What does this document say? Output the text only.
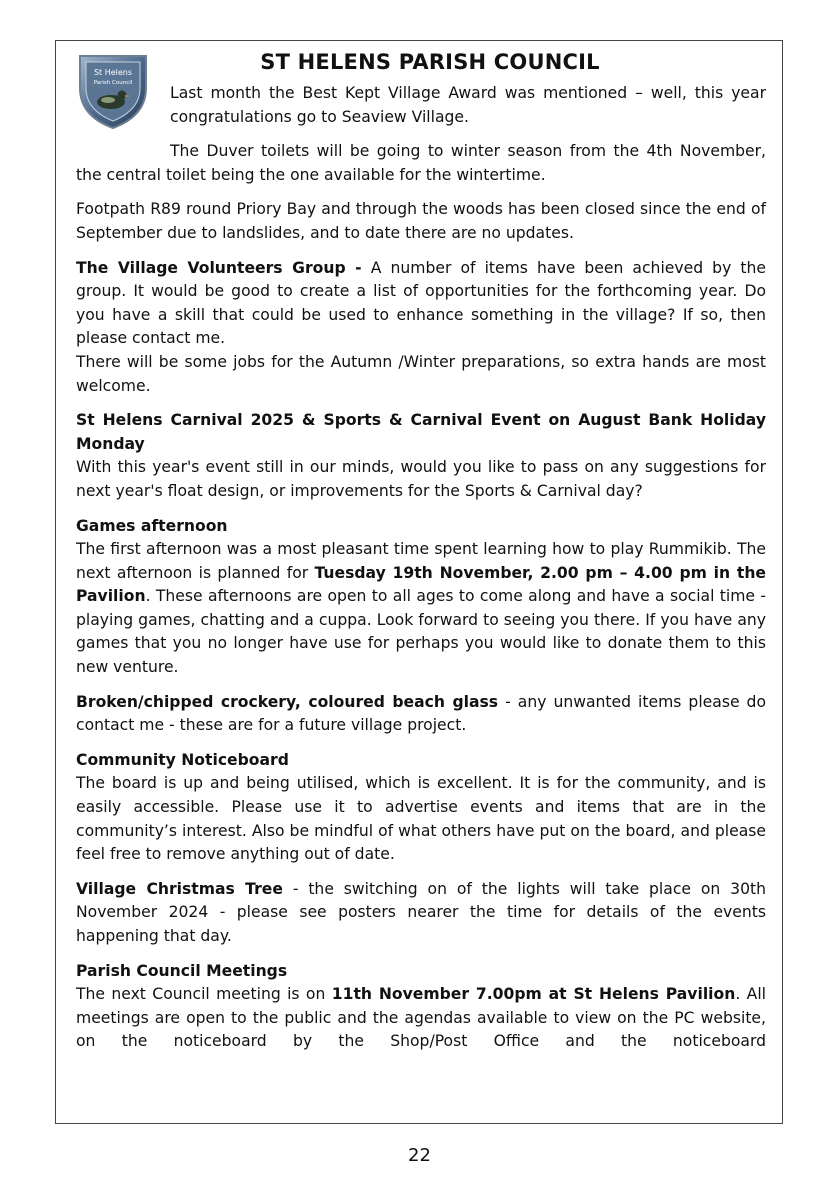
St Helens
Parish Council
ST HELENS PARISH COUNCIL

Last month the Best Kept Village Award was mentioned – well, this year congratulations go to Seaview Village.

The Duver toilets will be going to winter season from the 4th November, the central toilet being the one available for the wintertime.

Footpath R89 round Priory Bay and through the woods has been closed since the end of September due to landslides, and to date there are no updates.

The Village Volunteers Group - A number of items have been achieved by the group. It would be good to create a list of opportunities for the forthcoming year. Do you have a skill that could be used to enhance something in the village? If so, then please contact me.

There will be some jobs for the Autumn /Winter preparations, so extra hands are most welcome.

St Helens Carnival 2025 & Sports & Carnival Event on August Bank Holiday Monday

With this year's event still in our minds, would you like to pass on any suggestions for next year's float design, or improvements for the Sports & Carnival day?

Games afternoon

The first afternoon was a most pleasant time spent learning how to play Rummikib. The next afternoon is planned for Tuesday 19th November, 2.00 pm – 4.00 pm in the Pavilion. These afternoons are open to all ages to come along and have a social time - playing games, chatting and a cuppa. Look forward to seeing you there. If you have any games that you no longer have use for perhaps you would like to donate them to this new venture.

Broken/chipped crockery, coloured beach glass - any unwanted items please do contact me - these are for a future village project.

Community Noticeboard

The board is up and being utilised, which is excellent. It is for the community, and is easily accessible. Please use it to advertise events and items that are in the community’s interest. Also be mindful of what others have put on the board, and please feel free to remove anything out of date.

Village Christmas Tree - the switching on of the lights will take place on 30th November 2024 - please see posters nearer the time for details of the events happening that day.

Parish Council Meetings

The next Council meeting is on 11th November 7.00pm at St Helens Pavilion. All meetings are open to the public and the agendas available to view on the PC website, on the noticeboard by the Shop/Post Office and the noticeboard

22
